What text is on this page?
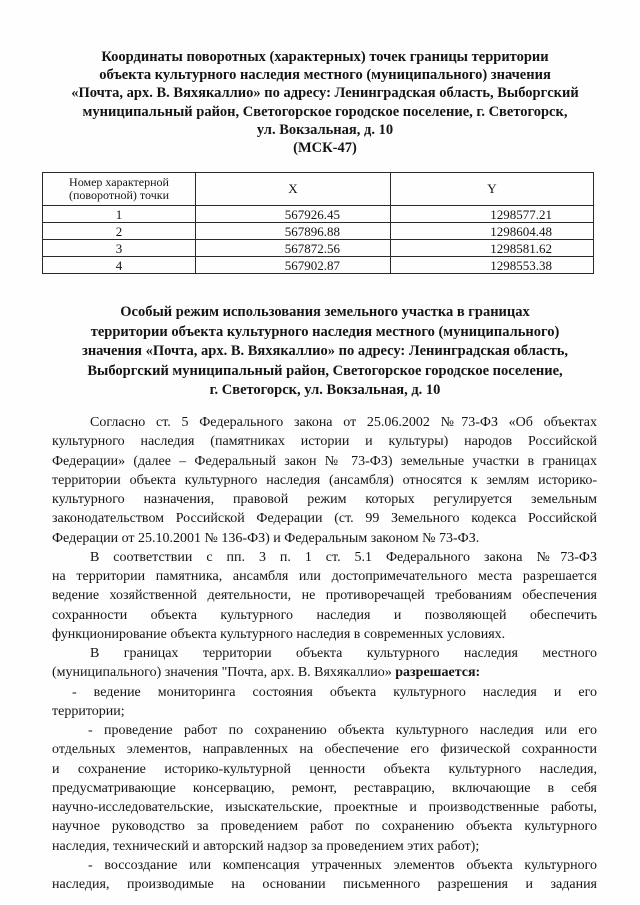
Координаты поворотных (характерных) точек границы территории
объекта культурного наследия местного (муниципального) значения
«Почта, арх. В. Вяхякаллио» по адресу: Ленинградская область, Выборгский
муниципальный район, Светогорское городское поселение, г. Светогорск,
ул. Вокзальная, д. 10
(МСК-47)
Номер характерной
(поворотной) точки	X	Y
1	567926.45	1298577.21
2	567896.88	1298604.48
3	567872.56	1298581.62
4	567902.87	1298553.38
Особый режим использования земельного участка в границах
территории объекта культурного наследия местного (муниципального)
значения «Почта, арх. В. Вяхякаллио» по адресу: Ленинградская область,
Выборгский муниципальный район, Светогорское городское поселение,
г. Светогорск, ул. Вокзальная, д. 10
Согласно ст. 5 Федерального закона от 25.06.2002 №73-ФЗ «Об объектах
культурного наследия (памятниках истории и культуры) народов Российской
Федерации» (далее – Федеральный закон № 73-ФЗ) земельные участки в границах
территории объекта культурного наследия (ансамбля) относятся к землям историко-
культурного назначения, правовой режим которых регулируется земельным
законодательством Российской Федерации (ст. 99 Земельного кодекса Российской
Федерации от 25.10.2001 № 136-ФЗ) и Федеральным законом № 73-ФЗ.
В соответствии с пп. 3 п. 1 ст. 5.1 Федерального закона №73-ФЗ
на территории памятника, ансамбля или достопримечательного места разрешается
ведение хозяйственной деятельности, не противоречащей требованиям обеспечения
сохранности объекта культурного наследия и позволяющей обеспечить
функционирование объекта культурного наследия в современных условиях.
В границах территории объекта культурного наследия местного
(муниципального) значения "Почта, арх. В. Вяхякаллио» разрешается:
- ведение мониторинга состояния объекта культурного наследия и его
территории;
- проведение работ по сохранению объекта культурного наследия или его
отдельных элементов, направленных на обеспечение его физической сохранности
и сохранение историко-культурной ценности объекта культурного наследия,
предусматривающие консервацию, ремонт, реставрацию, включающие в себя
научно-исследовательские, изыскательские, проектные и производственные работы,
научное руководство за проведением работ по сохранению объекта культурного
наследия, технический и авторский надзор за проведением этих работ);
- воссоздание или компенсация утраченных элементов объекта культурного
наследия, производимые на основании письменного разрешения и задания
